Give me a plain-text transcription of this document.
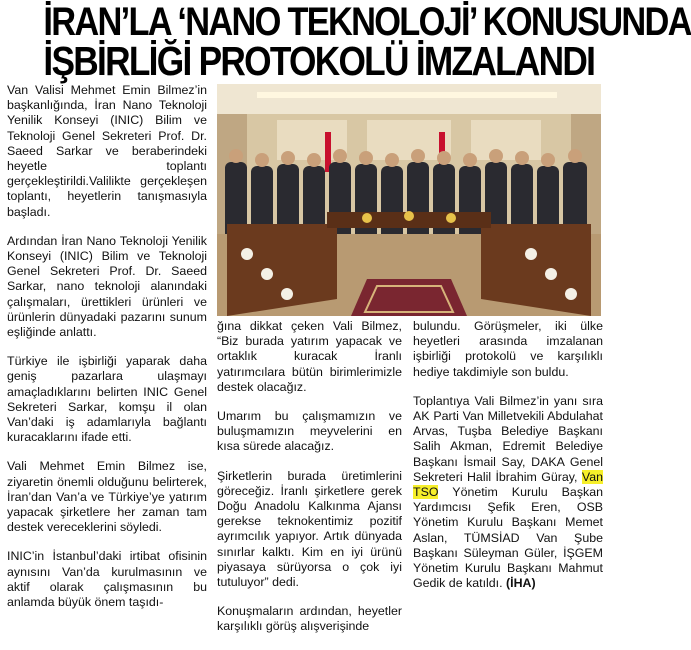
İRAN’LA ‘NANO TEKNOLOJİ’ KONUSUNDA
İŞBİRLİĞİ PROTOKOLÜ İMZALANDI

Van Valisi Mehmet Emin Bilmez’in başkanlığında, İran Nano Teknoloji Yenilik Konseyi (INIC) Bilim ve Teknoloji Genel Sekreteri Prof. Dr. Saeed Sarkar ve beraberindeki heyetle toplantı gerçekleştirildi.Valilikte gerçekleşen toplantı, heyetlerin tanışmasıyla başladı.

Ardından İran Nano Teknoloji Yenilik Konseyi (INIC) Bilim ve Teknoloji Genel Sekreteri Prof. Dr. Saeed Sarkar, nano teknoloji alanındaki çalışmaları, ürettikleri ürünleri ve ürünlerin dünyadaki pazarını sunum eşliğinde anlattı.

Türkiye ile işbirliği yaparak daha geniş pazarlara ulaşmayı amaçladıklarını belirten INIC Genel Sekreteri Sarkar, komşu il olan Van’daki iş adamlarıyla bağlantı kuracaklarını ifade etti.

Vali Mehmet Emin Bilmez ise, ziyaretin önemli olduğunu belirterek, İran’dan Van’a ve Türkiye’ye yatırım yapacak şirketlere her zaman tam destek vereceklerini söyledi.

INIC’in İstanbul’daki irtibat ofisinin aynısını Van’da kurulmasının ve aktif olarak çalışmasının bu anlamda büyük önem taşıdı-

ğına dikkat çeken Vali Bilmez, “Biz burada yatırım yapacak ve ortaklık kuracak İranlı yatırımcılara bütün birimlerimizle destek olacağız.

Umarım bu çalışmamızın ve buluşmamızın meyvelerini en kısa sürede alacağız.

Şirketlerin burada üretimlerini göreceğiz. İranlı şirketlere gerek Doğu Anadolu Kalkınma Ajansı gerekse teknokentimiz pozitif ayrımcılık yapıyor. Artık dünyada sınırlar kalktı. Kim en iyi ürünü piyasaya sürüyorsa o çok iyi tutuluyor” dedi.

Konuşmaların ardından, heyetler karşılıklı görüş alışverişinde

bulundu. Görüşmeler, iki ülke heyetleri arasında imzalanan işbirliği protokolü ve karşılıklı hediye takdimiyle son buldu.

Toplantıya Vali Bilmez’in yanı sıra AK Parti Van Milletvekili Abdulahat Arvas, Tuşba Belediye Başkanı Salih Akman, Edremit Belediye Başkanı İsmail Say, DAKA Genel Sekreteri Halil İbrahim Güray, Van TSO Yönetim Kurulu Başkan Yardımcısı Şefik Eren, OSB Yönetim Kurulu Başkanı Memet Aslan, TÜMSİAD Van Şube Başkanı Süleyman Güler, İŞGEM Yönetim Kurulu Başkanı Mahmut Gedik de katıldı. (İHA)
